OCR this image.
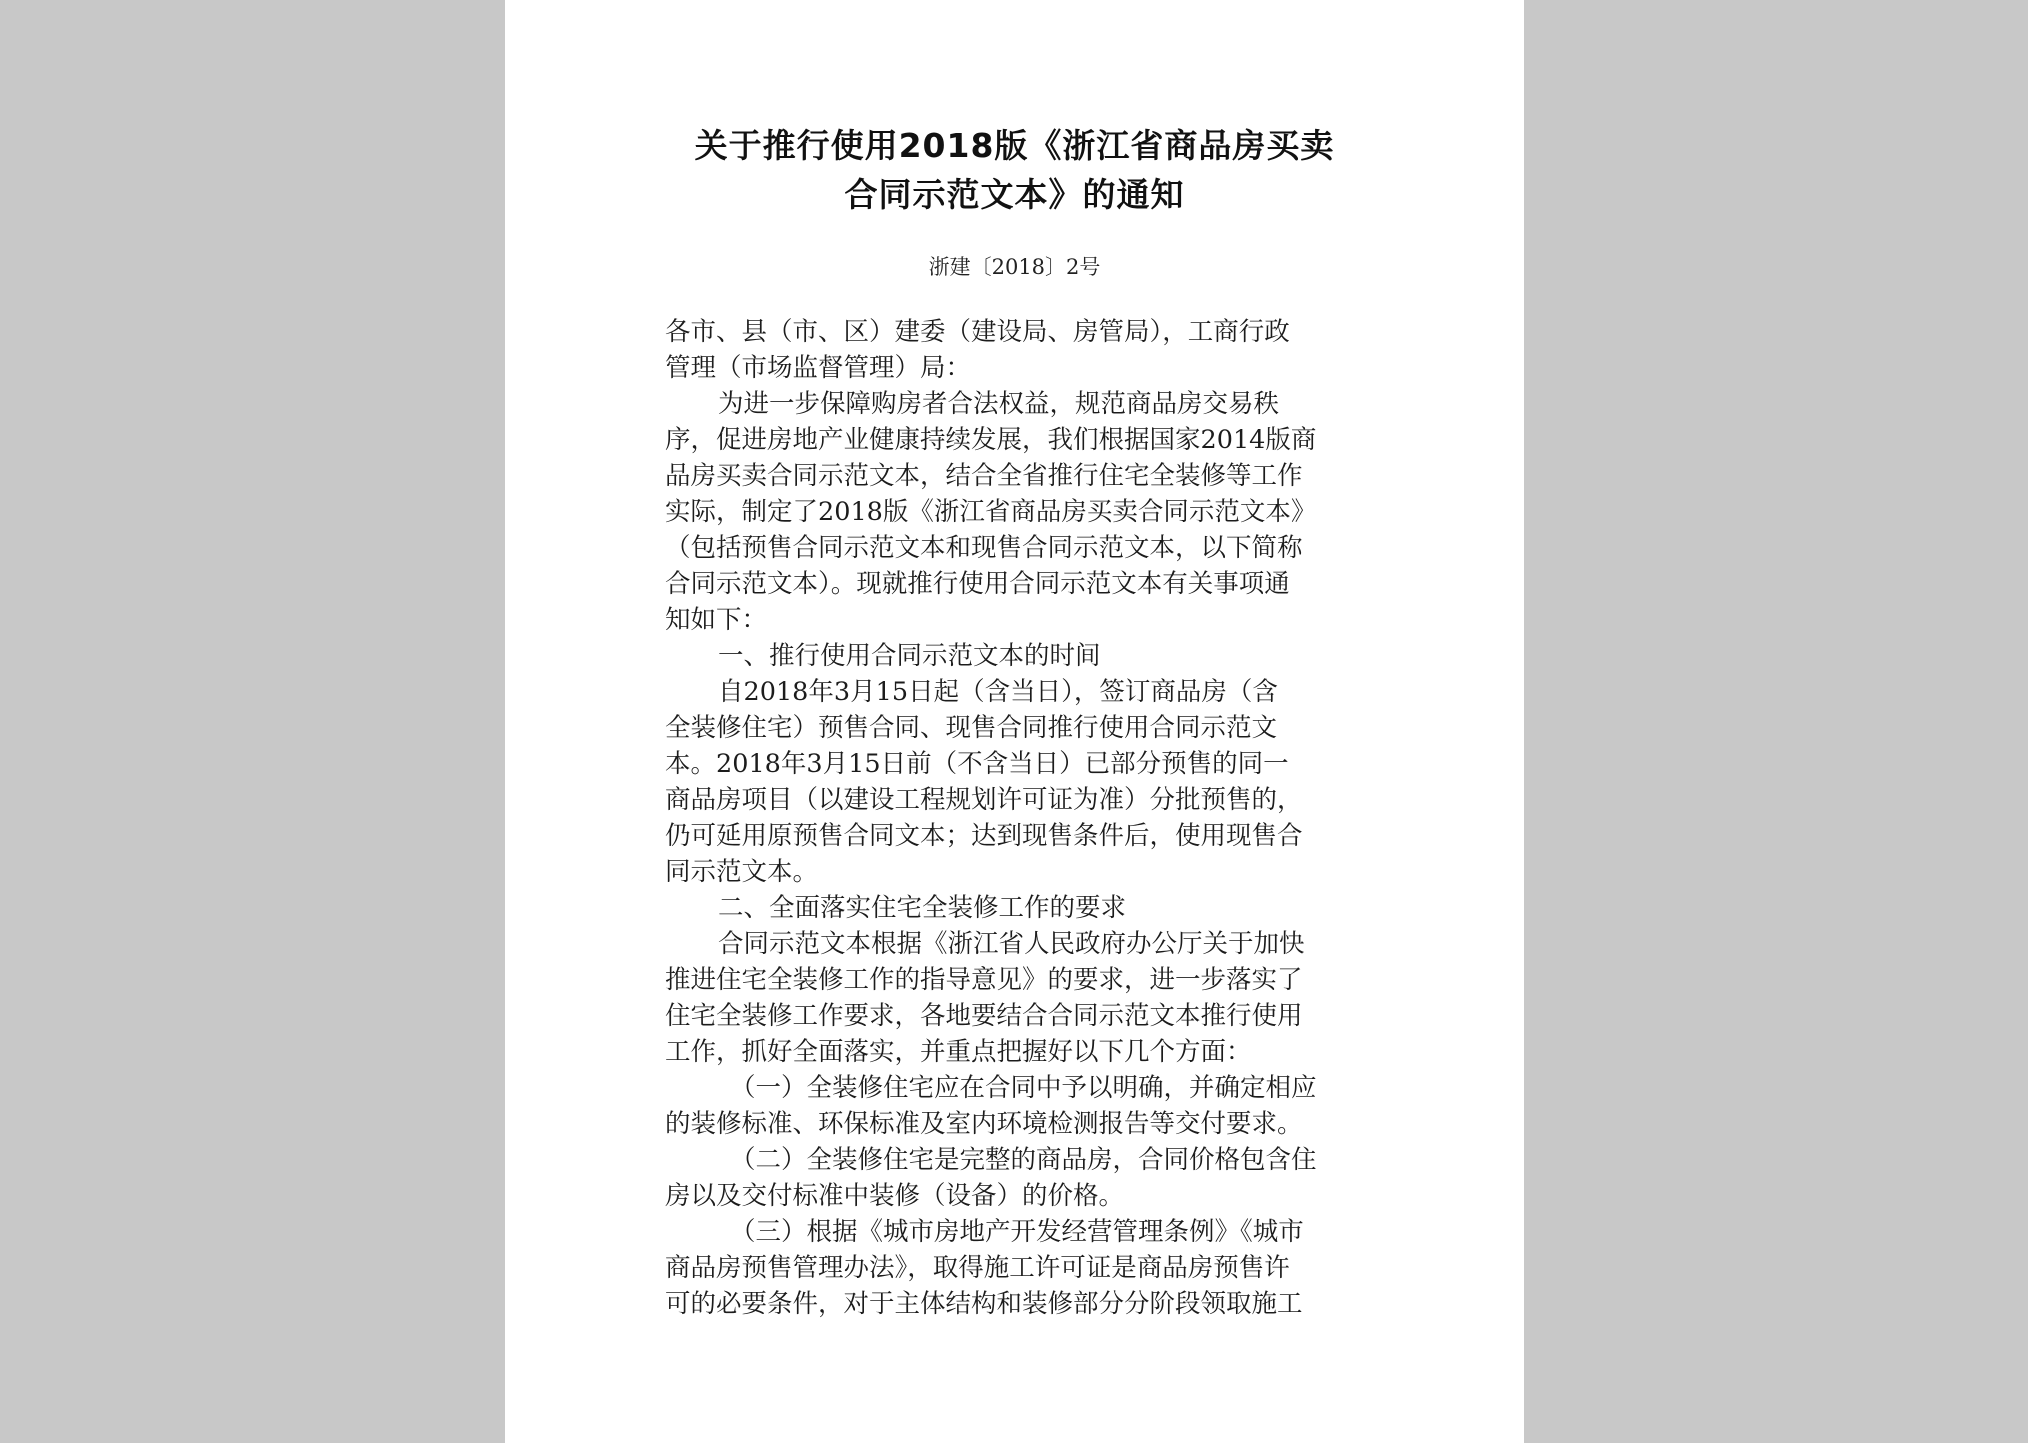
关于推行使用2018版《浙江省商品房买卖
合同示范文本》的通知
浙建〔2018〕2号
各市、县（市、区）建委（建设局、房管局），工商行政
管理（市场监督管理）局：
为进一步保障购房者合法权益，规范商品房交易秩
序，促进房地产业健康持续发展，我们根据国家2014版商
品房买卖合同示范文本，结合全省推行住宅全装修等工作
实际，制定了2018版《浙江省商品房买卖合同示范文本》
（包括预售合同示范文本和现售合同示范文本，以下简称
合同示范文本）。现就推行使用合同示范文本有关事项通
知如下：
一、推行使用合同示范文本的时间
自2018年3月15日起（含当日），签订商品房（含
全装修住宅）预售合同、现售合同推行使用合同示范文
本。2018年3月15日前（不含当日）已部分预售的同一
商品房项目（以建设工程规划许可证为准）分批预售的，
仍可延用原预售合同文本；达到现售条件后，使用现售合
同示范文本。
二、全面落实住宅全装修工作的要求
合同示范文本根据《浙江省人民政府办公厅关于加快
推进住宅全装修工作的指导意见》的要求，进一步落实了
住宅全装修工作要求，各地要结合合同示范文本推行使用
工作，抓好全面落实，并重点把握好以下几个方面：
（一）全装修住宅应在合同中予以明确，并确定相应
的装修标准、环保标准及室内环境检测报告等交付要求。
（二）全装修住宅是完整的商品房，合同价格包含住
房以及交付标准中装修（设备）的价格。
（三）根据《城市房地产开发经营管理条例》《城市
商品房预售管理办法》，取得施工许可证是商品房预售许
可的必要条件，对于主体结构和装修部分分阶段领取施工
